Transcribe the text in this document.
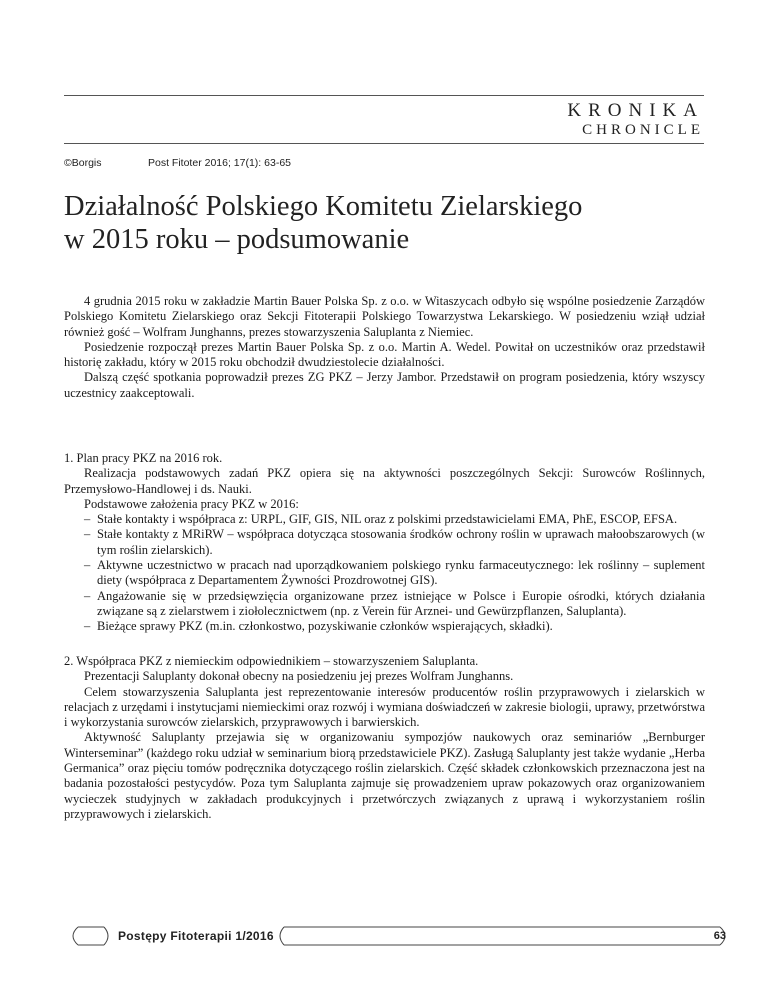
KRONIKA
CHRONICLE
©Borgis	Post Fitoter 2016; 17(1): 63-65
Działalność Polskiego Komitetu Zielarskiego
w 2015 roku – podsumowanie

4 grudnia 2015 roku w zakładzie Martin Bauer Polska Sp. z o.o. w Witaszycach odbyło się wspólne posiedzenie Zarządów Polskiego Komitetu Zielarskiego oraz Sekcji Fitoterapii Polskiego Towarzystwa Lekarskiego. W posiedzeniu wziął udział również gość – Wolfram Junghanns, prezes stowarzyszenia Saluplanta z Niemiec.

Posiedzenie rozpoczął prezes Martin Bauer Polska Sp. z o.o. Martin A. Wedel. Powitał on uczestników oraz przedstawił historię zakładu, który w 2015 roku obchodził dwudziestolecie działalności.

Dalszą część spotkania poprowadził prezes ZG PKZ – Jerzy Jambor. Przedstawił on program posiedzenia, który wszyscy uczestnicy zaakceptowali.

1. Plan pracy PKZ na 2016 rok.

Realizacja podstawowych zadań PKZ opiera się na aktywności poszczególnych Sekcji: Surowców Roślinnych, Przemysłowo-Handlowej i ds. Nauki.

Podstawowe założenia pracy PKZ w 2016:

– Stałe kontakty i współpraca z: URPL, GIF, GIS, NIL oraz z polskimi przedstawicielami EMA, PhE, ESCOP, EFSA.
– Stałe kontakty z MRiRW – współpraca dotycząca stosowania środków ochrony roślin w uprawach małoobszarowych (w tym roślin zielarskich).
– Aktywne uczestnictwo w pracach nad uporządkowaniem polskiego rynku farmaceutycznego: lek roślinny – suplement diety (współpraca z Departamentem Żywności Prozdrowotnej GIS).
– Angażowanie się w przedsięwzięcia organizowane przez istniejące w Polsce i Europie ośrodki, których działania związane są z zielarstwem i ziołolecznictwem (np. z Verein für Arznei- und Gewürzpflanzen, Saluplanta).
– Bieżące sprawy PKZ (m.in. członkostwo, pozyskiwanie członków wspierających, składki).

2. Współpraca PKZ z niemieckim odpowiednikiem – stowarzyszeniem Saluplanta.

Prezentacji Saluplanty dokonał obecny na posiedzeniu jej prezes Wolfram Junghanns.

Celem stowarzyszenia Saluplanta jest reprezentowanie interesów producentów roślin przyprawowych i zielarskich w relacjach z urzędami i instytucjami niemieckimi oraz rozwój i wymiana doświadczeń w zakresie biologii, uprawy, przetwórstwa i wykorzystania surowców zielarskich, przyprawowych i barwierskich.

Aktywność Saluplanty przejawia się w organizowaniu sympozjów naukowych oraz seminariów „Bernburger Winterseminar” (każdego roku udział w seminarium biorą przedstawiciele PKZ). Zasługą Saluplanty jest także wydanie „Herba Germanica” oraz pięciu tomów podręcznika dotyczącego roślin zielarskich. Część składek członkowskich przeznaczona jest na badania pozostałości pestycydów. Poza tym Saluplanta zajmuje się prowadzeniem upraw pokazowych oraz organizowaniem wycieczek studyjnych w zakładach produkcyjnych i przetwórczych związanych z uprawą i wykorzystaniem roślin przyprawowych i zielarskich.

Postępy Fitoterapii 1/2016	63
